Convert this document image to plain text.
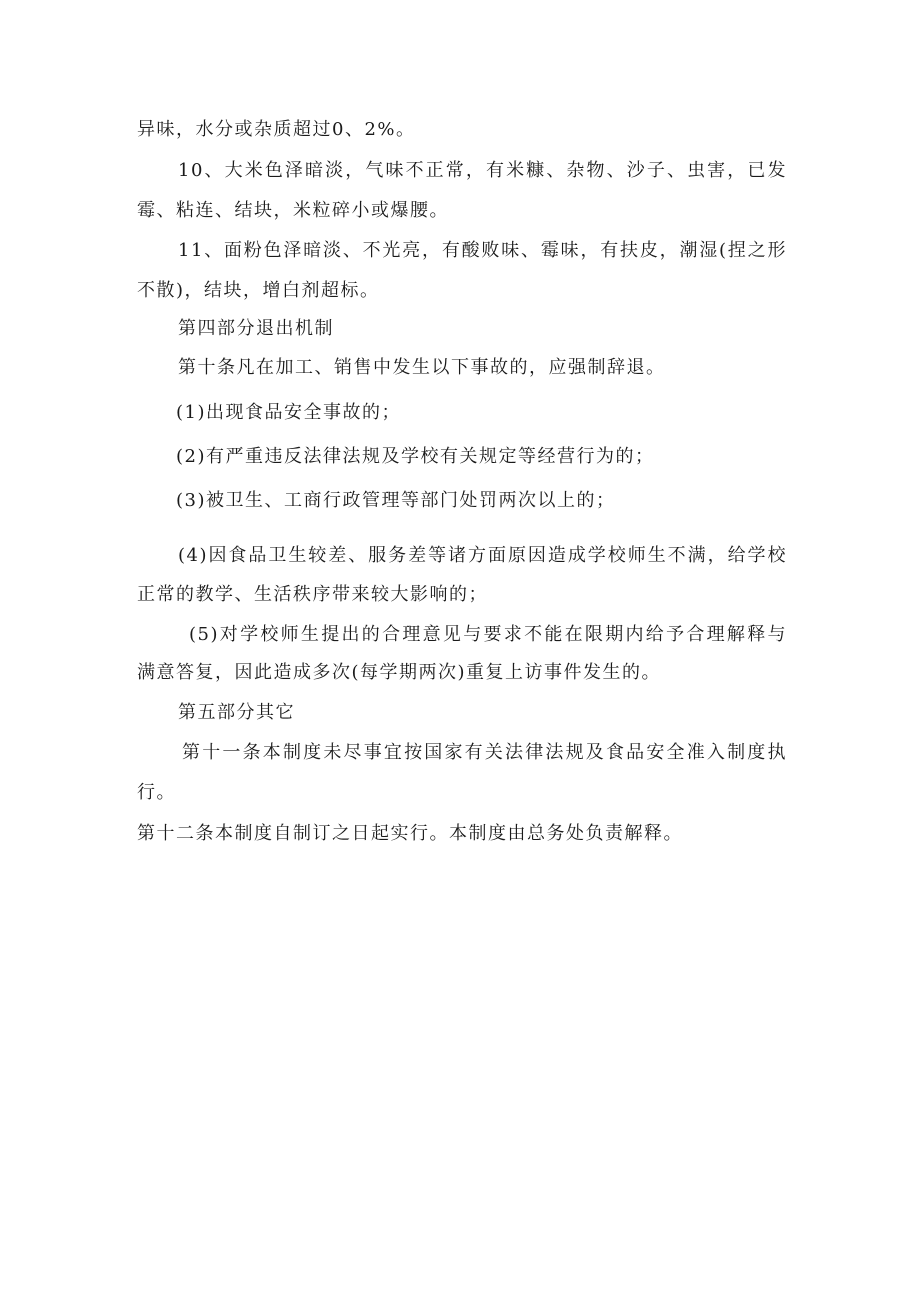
异味，水分或杂质超过0、2%。
10、大米色泽暗淡，气味不正常，有米糠、杂物、沙子、虫害，已发
霉、粘连、结块，米粒碎小或爆腰。
11、面粉色泽暗淡、不光亮，有酸败味、霉味，有扶皮，潮湿(捏之形
不散)，结块，增白剂超标。
第四部分退出机制
第十条凡在加工、销售中发生以下事故的，应强制辞退。
(1)出现食品安全事故的；
(2)有严重违反法律法规及学校有关规定等经营行为的；
(3)被卫生、工商行政管理等部门处罚两次以上的；
(4)因食品卫生较差、服务差等诸方面原因造成学校师生不满，给学校
正常的教学、生活秩序带来较大影响的；
(5)对学校师生提出的合理意见与要求不能在限期内给予合理解释与
满意答复，因此造成多次(每学期两次)重复上访事件发生的。
第五部分其它
第十一条本制度未尽事宜按国家有关法律法规及食品安全准入制度执
行。
第十二条本制度自制订之日起实行。本制度由总务处负责解释。
